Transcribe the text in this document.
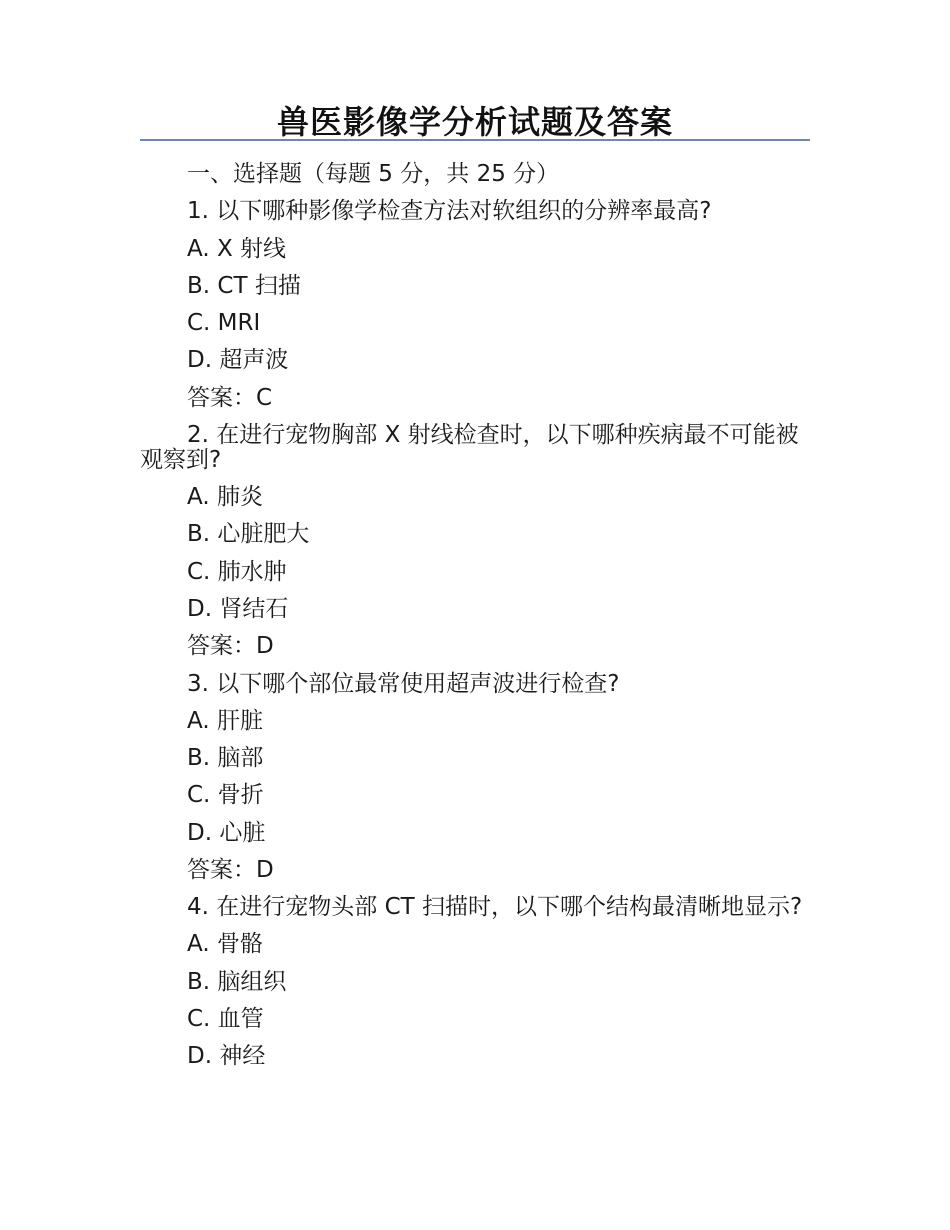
兽医影像学分析试题及答案
一、选择题（每题 5 分，共 25 分）
1. 以下哪种影像学检查方法对软组织的分辨率最高?
A. X 射线
B. CT 扫描
C. MRI
D. 超声波
答案：C
2. 在进行宠物胸部 X 射线检查时，以下哪种疾病最不可能被观察到?
A. 肺炎
B. 心脏肥大
C. 肺水肿
D. 肾结石
答案：D
3. 以下哪个部位最常使用超声波进行检查?
A. 肝脏
B. 脑部
C. 骨折
D. 心脏
答案：D
4. 在进行宠物头部 CT 扫描时，以下哪个结构最清晰地显示?
A. 骨骼
B. 脑组织
C. 血管
D. 神经
